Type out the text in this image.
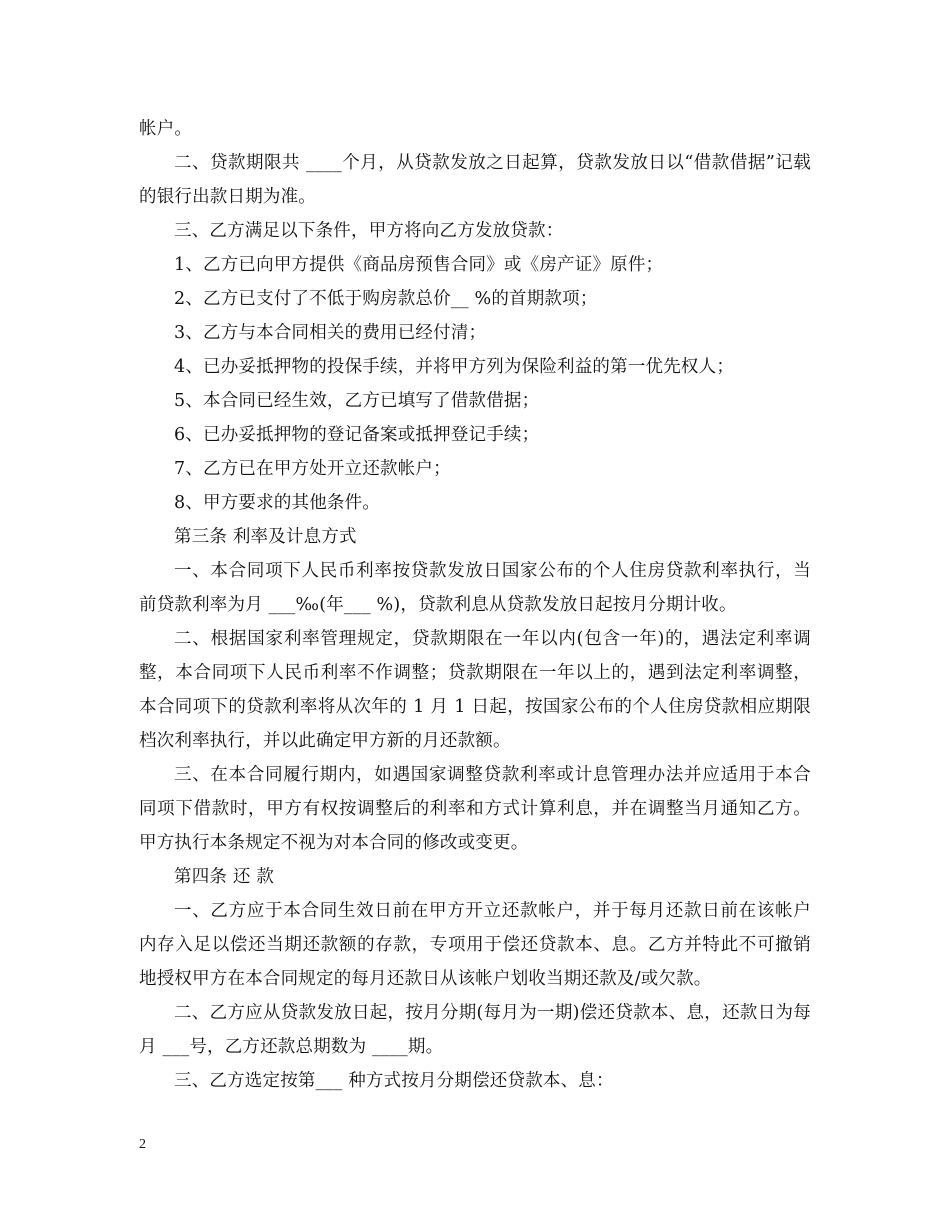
帐户。

二、贷款期限共 ____个月，从贷款发放之日起算，贷款发放日以“借款借据”记载的银行出款日期为准。

三、乙方满足以下条件，甲方将向乙方发放贷款：

1、乙方已向甲方提供《商品房预售合同》或《房产证》原件；

2、乙方已支付了不低于购房款总价__ %的首期款项；

3、乙方与本合同相关的费用已经付清；

4、已办妥抵押物的投保手续，并将甲方列为保险利益的第一优先权人；

5、本合同已经生效，乙方已填写了借款借据；

6、已办妥抵押物的登记备案或抵押登记手续；

7、乙方已在甲方处开立还款帐户；

8、甲方要求的其他条件。

第三条 利率及计息方式

一、本合同项下人民币利率按贷款发放日国家公布的个人住房贷款利率执行，当前贷款利率为月 ___‰(年___ %)，贷款利息从贷款发放日起按月分期计收。

二、根据国家利率管理规定，贷款期限在一年以内(包含一年)的，遇法定利率调整，本合同项下人民币利率不作调整；贷款期限在一年以上的，遇到法定利率调整，本合同项下的贷款利率将从次年的 1 月 1 日起，按国家公布的个人住房贷款相应期限档次利率执行，并以此确定甲方新的月还款额。

三、在本合同履行期内，如遇国家调整贷款利率或计息管理办法并应适用于本合同项下借款时，甲方有权按调整后的利率和方式计算利息，并在调整当月通知乙方。甲方执行本条规定不视为对本合同的修改或变更。

第四条 还 款

一、乙方应于本合同生效日前在甲方开立还款帐户，并于每月还款日前在该帐户内存入足以偿还当期还款额的存款，专项用于偿还贷款本、息。乙方并特此不可撤销地授权甲方在本合同规定的每月还款日从该帐户划收当期还款及/或欠款。

二、乙方应从贷款发放日起，按月分期(每月为一期)偿还贷款本、息，还款日为每月 ___号，乙方还款总期数为 ____期。

三、乙方选定按第___ 种方式按月分期偿还贷款本、息：

2
